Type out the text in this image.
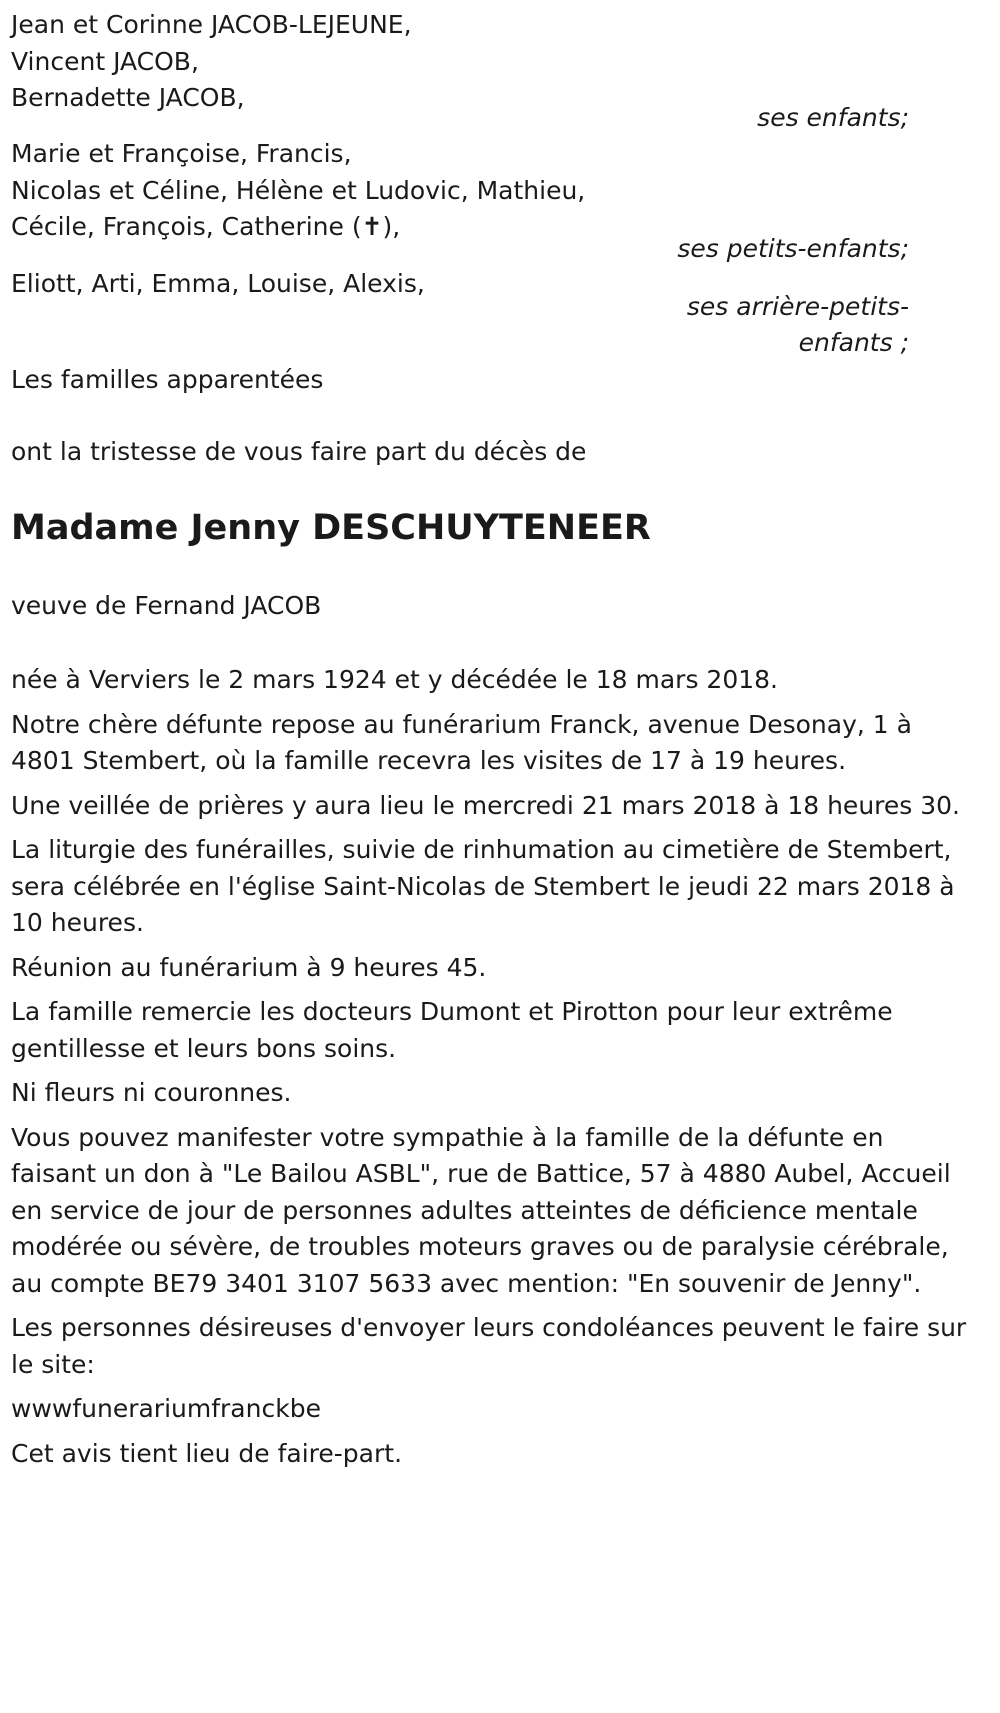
Jean et Corinne JACOB-LEJEUNE,
Vincent JACOB,
Bernadette JACOB,
ses enfants;
Marie et Françoise, Francis,
Nicolas et Céline, Hélène et Ludovic, Mathieu,
Cécile, François, Catherine (✝),
ses petits-enfants;
Eliott, Arti, Emma, Louise, Alexis,
ses arrière-petits-
enfants ;
Les familles apparentées
ont la tristesse de vous faire part du décès de
Madame Jenny DESCHUYTENEER
veuve de Fernand JACOB

née à Verviers le 2 mars 1924 et y décédée le 18 mars 2018.

Notre chère défunte repose au funérarium Franck, avenue Desonay, 1 à 4801 Stembert, où la famille recevra les visites de 17 à 19 heures.

Une veillée de prières y aura lieu le mercredi 21 mars 2018 à 18 heures 30.

La liturgie des funérailles, suivie de rinhumation au cimetière de Stembert, sera célébrée en l'église Saint-Nicolas de Stembert le jeudi 22 mars 2018 à 10 heures.

Réunion au funérarium à 9 heures 45.

La famille remercie les docteurs Dumont et Pirotton pour leur extrême gentillesse et leurs bons soins.

Ni fleurs ni couronnes.

Vous pouvez manifester votre sympathie à la famille de la défunte en faisant un don à "Le Bailou ASBL", rue de Battice, 57 à 4880 Aubel, Accueil en service de jour de personnes adultes atteintes de déficience mentale modérée ou sévère, de troubles moteurs graves ou de paralysie cérébrale, au compte BE79 3401 3107 5633 avec mention: "En souvenir de Jenny".

Les personnes désireuses d'envoyer leurs condoléances peuvent le faire sur le site:

wwwfunerariumfranckbe

Cet avis tient lieu de faire-part.
